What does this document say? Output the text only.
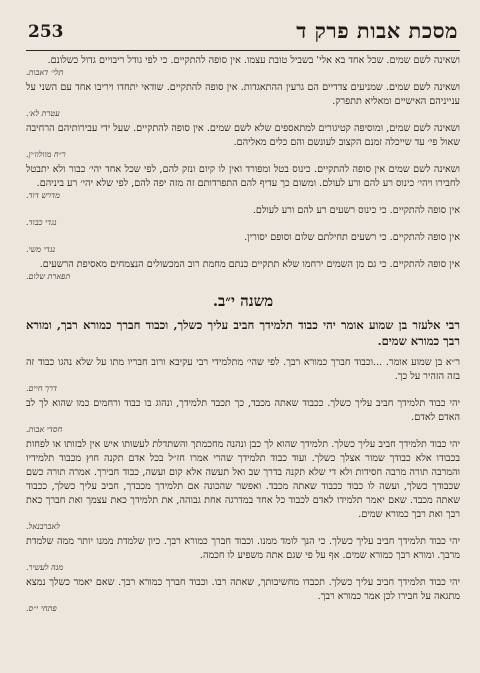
253	מסכת אבות פרק ד

ושאינה לשם שמים. שכל אחד בא אלי' בשביל טובת עצמו. אין סופה להתקיים. כי לפי גודל ריבויים גדול כשלונם.
תלי׳ דאבות.

ושאינה לשם שמים. שמניעים צדדיים הם גרעין ההתאגדות. אין סופה להתקיים. שודאי יתחדו ויריבו אחד עם השני על ענייניהם האישיים ומאליא תתפרק.
עטרת לא׳.

ושאינה לשם שמים, ומוסיפה קטיגורים למתאספים שלא לשם שמים. אין סופה להתקיים. שעל ידי עבירותיהם הרחיבה שאול פי׳ עד שייכלה זמנם הקצוב לעונשם והם כלים מאליהם.
ר״ח מוולוז׳ין.

ושאינה לשם שמים אין סופה להתקיים. כינוס בטל ומפורד ואין לו קיום ונזק להם, לפי שכל אחד יהי׳ כבור ולא יתבטל לחבירו ויהי׳ כינוס רע להם ורע לעולם. ומשום כך עדיף להם התפרדותם זה מזה יפה להם, לפי שלא יהי׳ רע ביניהם.
מדרש דוד.

אין סופה להתקיים. כי כינוס רשעים רע להם ורע לעולם.
נגדי כבוד.

אין סופה להתקיים. כי רשעים תחילתם שלום וסופם יסורין.
נגדי משי.

אין סופה להתקיים. כי גם מן השמים ירחמו שלא תתקיים כנתם מחמת רוב המכשולים הנצמחים מאסיפת הרשעים.
תפארת שלום.

משנה י״ב.

רבי אלעזר בן שמוע אומר יהי כבוד תלמידך חביב עליך כשלך, וכבוד חברך כמורא רבך, ומורא רבך כמורא שמים.

ר״א בן שמוע אומר. ...וכבוד חברך כמורא רבך. לפי שהי׳ מתלמידי רבי עקיבא ורוב חבריו מתו על שלא נהגו כבוד זה בזה הזהיר על כך.
דרך חיים.

יהי כבוד תלמידך חביב עליך כשלך. ככבוד שאתה מכבד, כך תכבד תלמידך, ונהוג בו כבוד ורחמים כמו שהוא לך לב האדם לאדם.
חסדי אבות.

יהי כבוד תלמידך חביב עליך כשלך. תלמידך שהוא לך כבן ונהנה מחכמתך והשתדלת לעשותו איש אין לבזותו או לפחות בכבודו אלא כבודך שמור אצלך כשלך. ועוד כבוד תלמידך שהרי אמרו חז״ל בכל אדם תקנה חוץ מכבוד תלמידיו והמרבה תורה מרבה חסידות ולא די שלא תקנה בדרך שב ואל תעשה אלא קום ועשה, כבוד חבירך. אמרה תורה כשם שכבודך כשלך, ועשה לו כבוד ככבוד שאתה מכבד. ואפשר שהכונה אם תלמידך מכבדך, חביב עליך כשלך, ככבוד שאתה מכבד. שאם יאמר תלמידו לאדם לכבוד כל אחד במדרגה אחת גבוהה, את תלמידך כאת עצמך ואת חברך כאת רבך ואת רבך כמורא שמים.
לאברבנאל.

יהי כבוד תלמידך חביב עליך כשלך. כי הנך לומד ממנו. וכבוד חברך כמורא רבך. כיון שלמדת ממנו יותר ממה שלמדת מרבך. ומורא רבך כמורא שמים. אף על פי שגם אתה משפיע לו חכמה.
מנה לעשיר.

יהי כבוד תלמידך חביב עליך כשלך. תכבדו מחשיבותך, שאתה רבו. וכבוד חברך כמורא רבך. שאם יאמר כשלך נמצא מתגאה על חבירו לכן אמר כמורא רבך.
פתחי י״ס.
